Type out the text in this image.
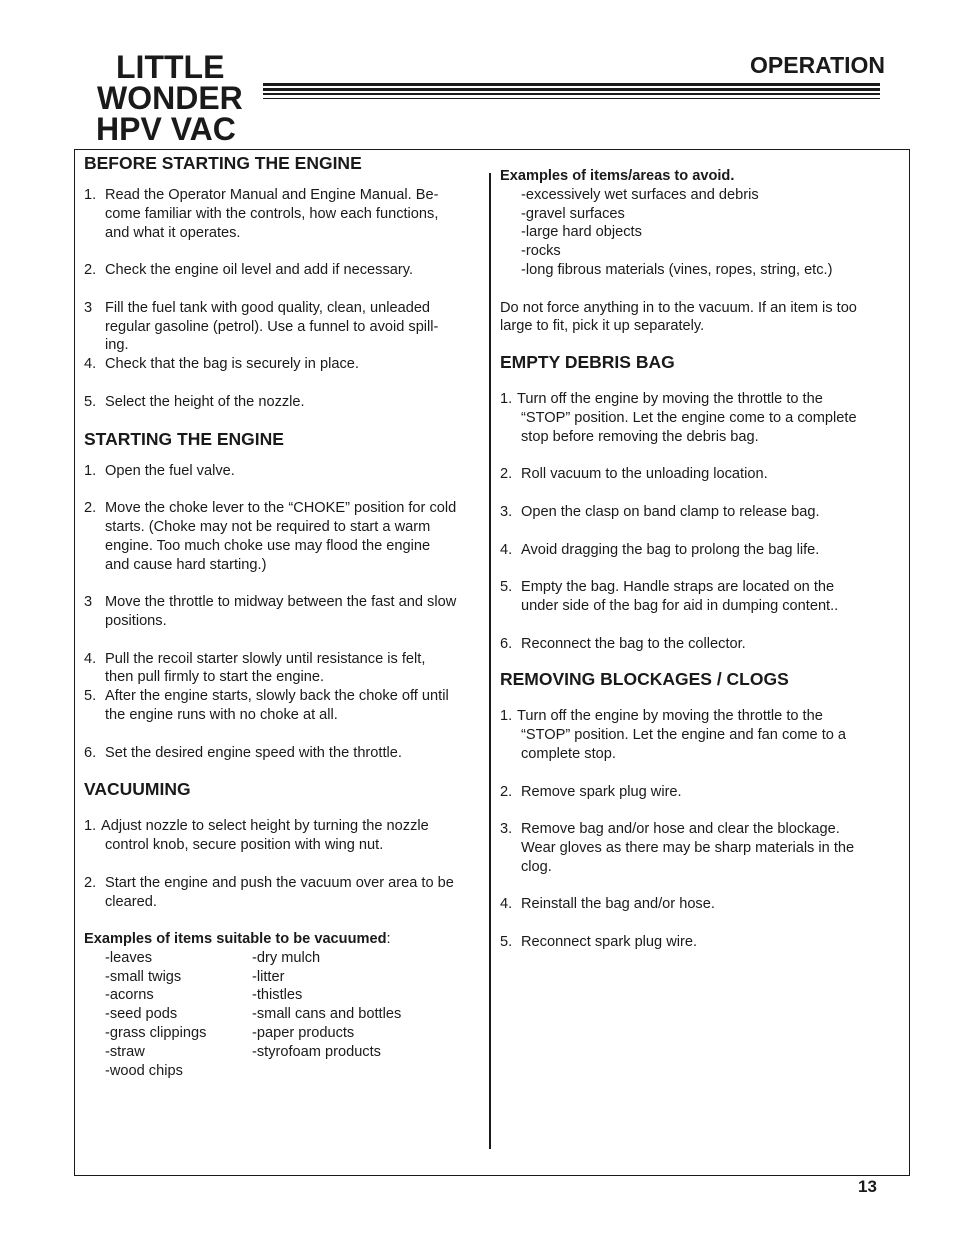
LITTLE
WONDER
HPV VAC
OPERATION
BEFORE STARTING THE ENGINE
1. Read the Operator Manual and Engine Manual. Be-
come familiar with the controls, how each functions,
and what it operates.
2. Check the engine oil level and add if necessary.
3 Fill the fuel tank with good quality, clean, unleaded
regular gasoline (petrol). Use a funnel to avoid spill-
ing.
4. Check that the bag is securely in place.
5. Select the height of the nozzle.
STARTING THE ENGINE
1. Open the fuel valve.
2. Move the choke lever to the “CHOKE” position for cold
starts. (Choke may not be required to start a warm
engine. Too much choke use may flood the engine
and cause hard starting.)
3 Move the throttle to midway between the fast and slow
positions.
4. Pull the recoil starter slowly until resistance is felt,
then pull firmly to start the engine.
5. After the engine starts, slowly back the choke off until
the engine runs with no choke at all.
6. Set the desired engine speed with the throttle.
VACUUMING
1. Adjust nozzle to select height by turning the nozzle
control knob, secure position with wing nut.
2. Start the engine and push the vacuum over area to be
cleared.
Examples of items suitable to be vacuumed:
-leaves	-dry mulch
-small twigs	-litter
-acorns	-thistles
-seed pods	-small cans and bottles
-grass clippings	-paper products
-straw	-styrofoam products
-wood chips
Examples of items/areas to avoid.
-excessively wet surfaces and debris
-gravel surfaces
-large hard objects
-rocks
-long fibrous materials (vines, ropes, string, etc.)
Do not force anything in to the vacuum. If an item is too
large to fit, pick it up separately.
EMPTY DEBRIS BAG
1. Turn off the engine by moving the throttle to the
“STOP” position. Let the engine come to a complete
stop before removing the debris bag.
2. Roll vacuum to the unloading location.
3. Open the clasp on band clamp to release bag.
4. Avoid dragging the bag to prolong the bag life.
5. Empty the bag. Handle straps are located on the
under side of the bag for aid in dumping content..
6. Reconnect the bag to the collector.
REMOVING BLOCKAGES / CLOGS
1. Turn off the engine by moving the throttle to the
“STOP” position. Let the engine and fan come to a
complete stop.
2. Remove spark plug wire.
3. Remove bag and/or hose and clear the blockage.
Wear gloves as there may be sharp materials in the
clog.
4. Reinstall the bag and/or hose.
5. Reconnect spark plug wire.
13
